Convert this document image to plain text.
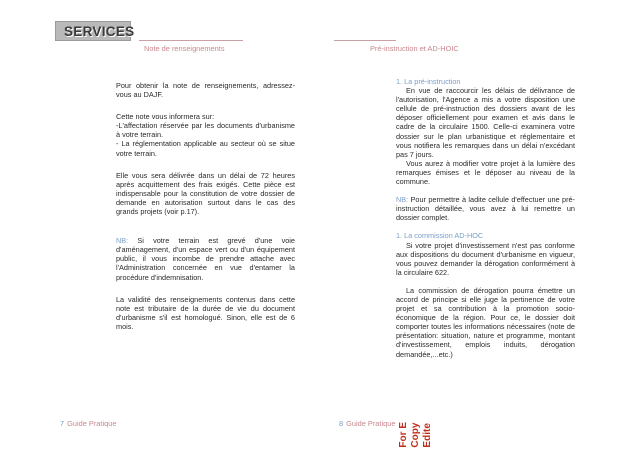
SERVICES
Note de renseignements	Pré-instruction et AD-HOIC

Pour obtenir la note de renseignements, adressez-vous au DAJF.

Cette note vous informera sur:

-L'affectation réservée par les documents d'urbanisme à votre terrain.

- La réglementation applicable au secteur où se situe votre terrain.

Elle vous sera délivrée dans un délai de 72 heures après acquittement des frais exigés. Cette pièce est indispensable pour la constitution de votre dossier de demande en autorisation surtout dans le cas des grands projets (voir p.17).

NB: Si votre terrain est grevé d'une voie d'aménagement, d'un espace vert ou d'un équipement public, il vous incombe de prendre attache avec l'Administration concernée en vue d'entamer la procédure d'indemnisation.

La validité des renseignements contenus dans cette note est tributaire de la durée de vie du document d'urbanisme s'il est homologué. Sinon, elle est de 6 mois.

1. La pré-instruction

En vue de raccourcir les délais de délivrance de l'autorisation, l'Agence a mis a votre disposition une cellule de pré-instruction des dossiers avant de les déposer officiellement pour examen et avis dans le cadre de la circulaire 1500. Celle-ci examinera votre dossier sur le plan urbanistique et réglementaire et vous notifiera les remarques dans un délai n'excédant pas 7 jours.

Vous aurez à modifier votre projet à la lumière des remarques émises et le déposer au niveau de la commune.

NB: Pour permettre à ladite cellule d'effectuer une pré-instruction détaillée, vous avez à lui remettre un dossier complet.

1. La commission AD-HOC

Si votre projet d'investissement n'est pas conforme aux dispositions du document d'urbanisme en vigueur, vous pouvez demander la dérogation conformément à la circulaire 622.

La commission de dérogation pourra émettre un accord de principe si elle juge la pertinence de votre projet et sa contribution à la promotion socio-économique de la région. Pour ce, le dossier doit comporter toutes les informations nécessaires (note de présentation: situation, nature et programme, montant d'investissement, emplois induits, dérogation demandée,...etc.)

7 Guide Pratique	8 Guide Pratique	Edite
Copy
For E
